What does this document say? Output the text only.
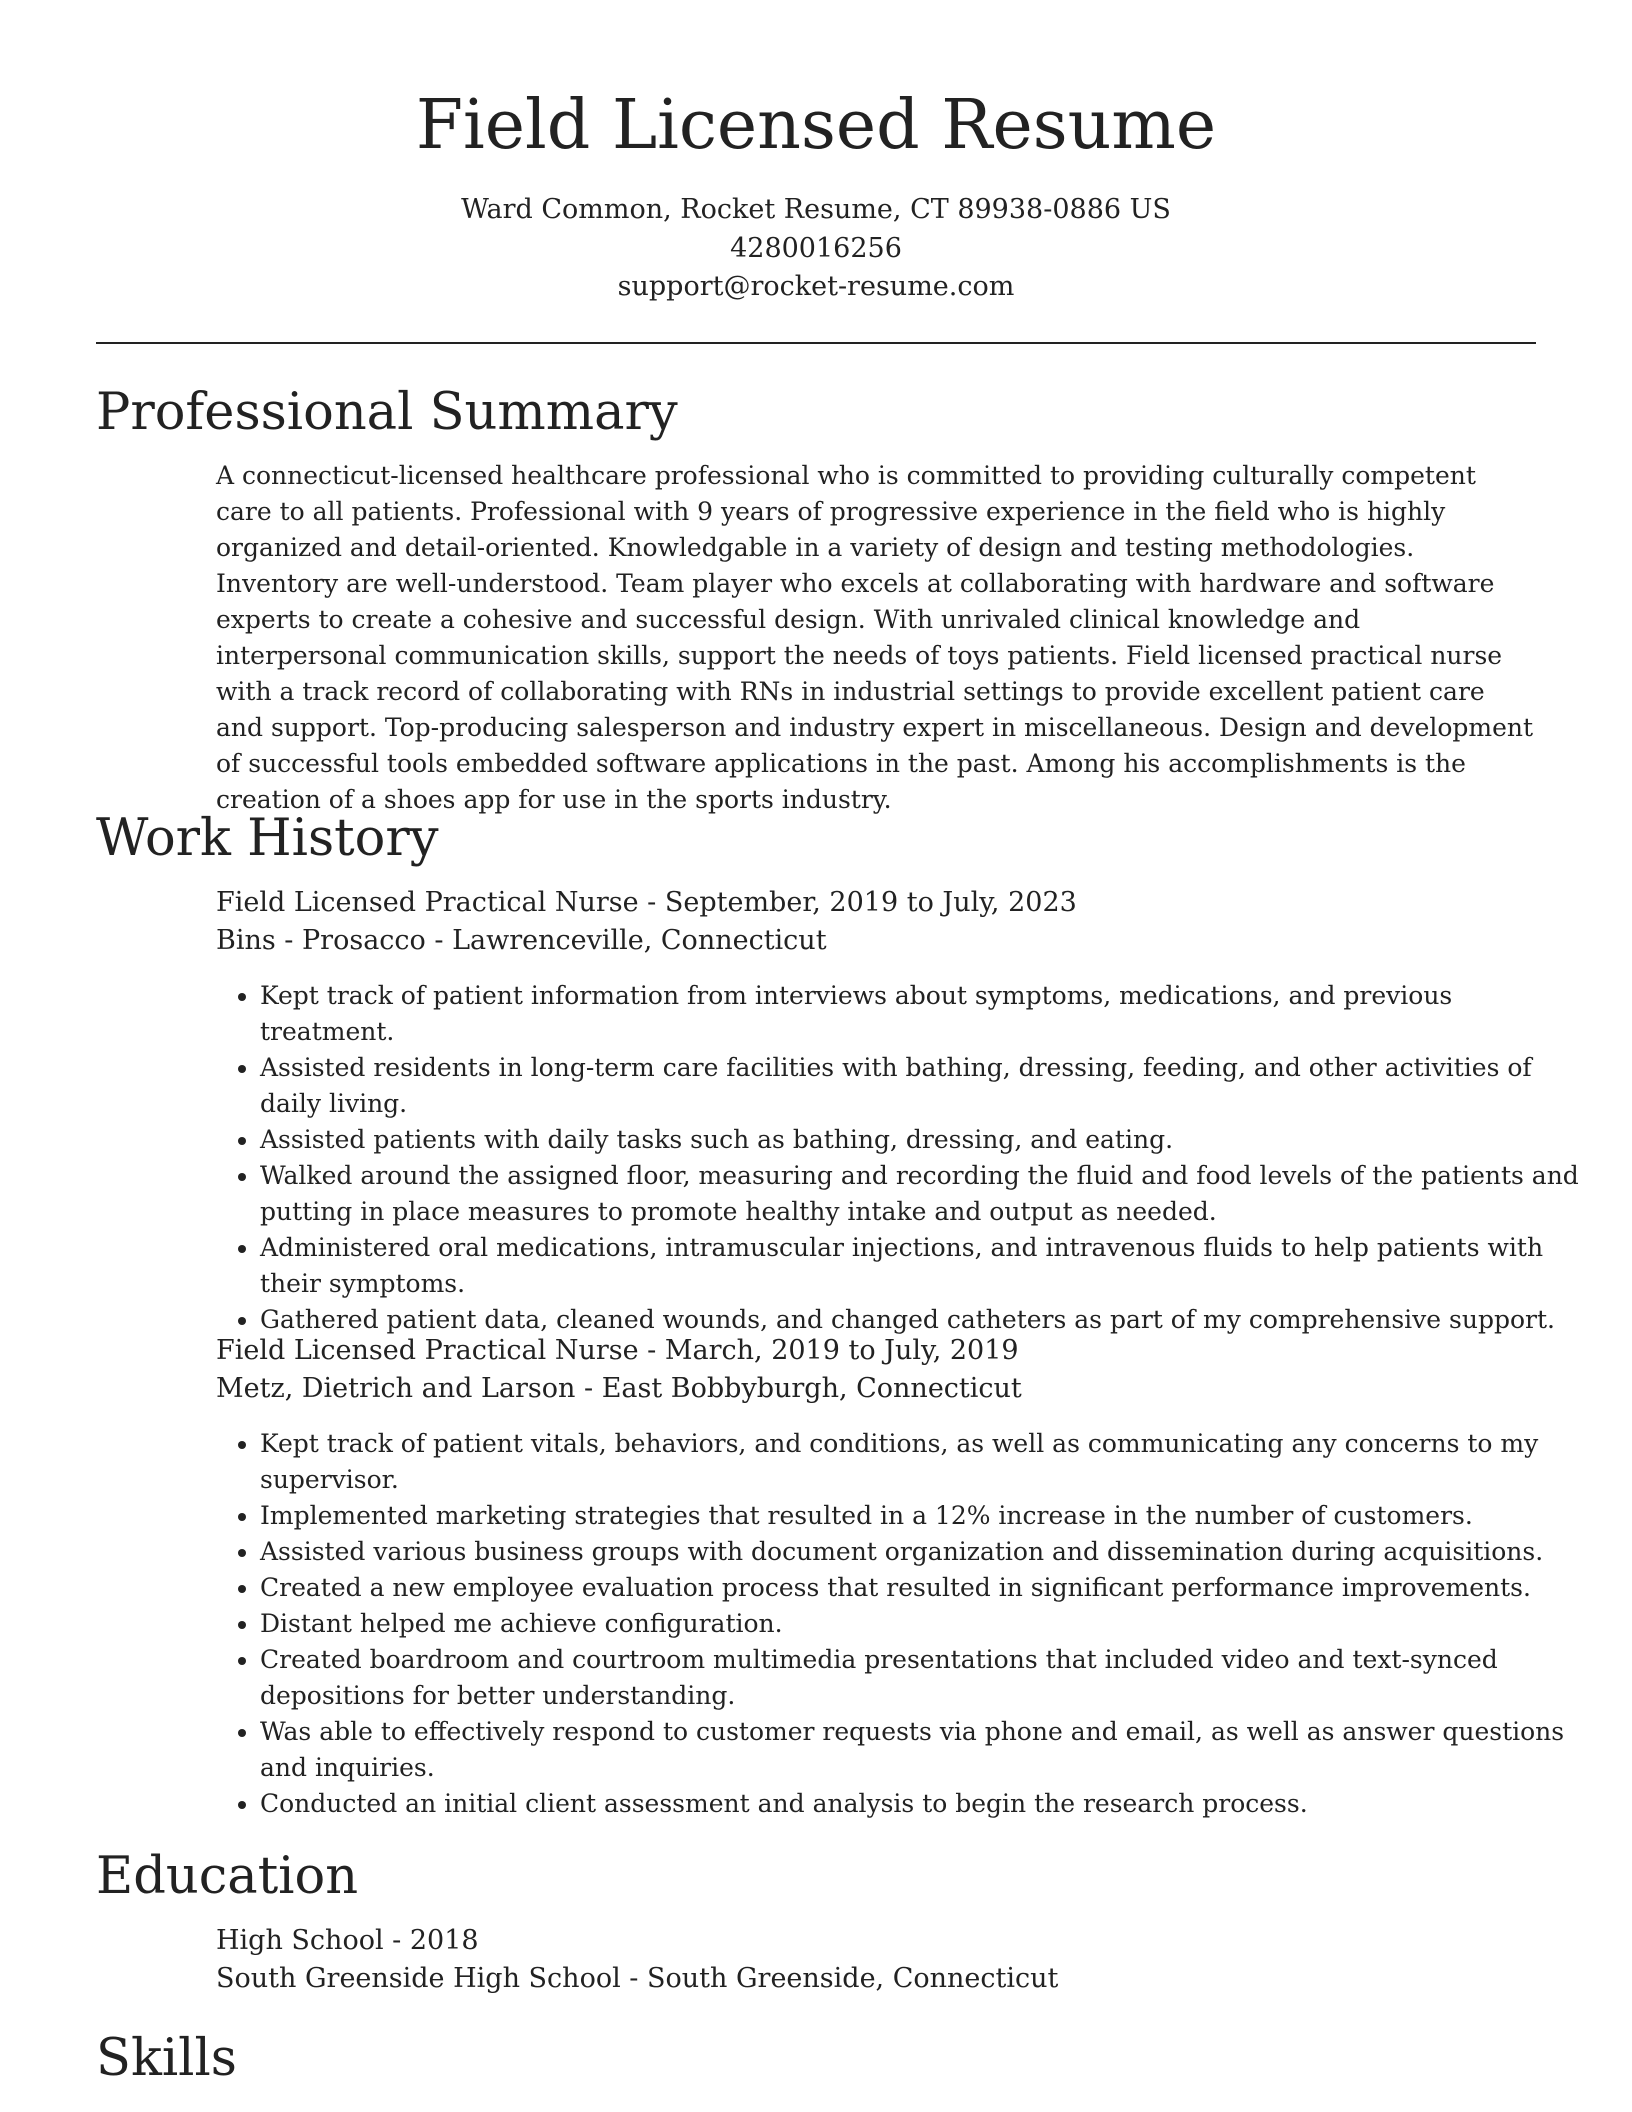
Field Licensed Resume
Ward Common, Rocket Resume, CT 89938-0886 US
4280016256
support@rocket-resume.com
Professional Summary

A connecticut-licensed healthcare professional who is committed to providing culturally competent care to all patients. Professional with 9 years of progressive experience in the field who is highly organized and detail-oriented. Knowledgable in a variety of design and testing methodologies. Inventory are well-understood. Team player who excels at collaborating with hardware and software experts to create a cohesive and successful design. With unrivaled clinical knowledge and interpersonal communication skills, support the needs of toys patients. Field licensed practical nurse with a track record of collaborating with RNs in industrial settings to provide excellent patient care and support. Top-producing salesperson and industry expert in miscellaneous. Design and development of successful tools embedded software applications in the past. Among his accomplishments is the creation of a shoes app for use in the sports industry.

Work History
Field Licensed Practical Nurse - September, 2019 to July, 2023
Bins - Prosacco - Lawrenceville, Connecticut
• Kept track of patient information from interviews about symptoms, medications, and previous treatment.
• Assisted residents in long-term care facilities with bathing, dressing, feeding, and other activities of daily living.
• Assisted patients with daily tasks such as bathing, dressing, and eating.
• Walked around the assigned floor, measuring and recording the fluid and food levels of the patients and putting in place measures to promote healthy intake and output as needed.
• Administered oral medications, intramuscular injections, and intravenous fluids to help patients with their symptoms.
• Gathered patient data, cleaned wounds, and changed catheters as part of my comprehensive support.
Field Licensed Practical Nurse - March, 2019 to July, 2019
Metz, Dietrich and Larson - East Bobbyburgh, Connecticut
• Kept track of patient vitals, behaviors, and conditions, as well as communicating any concerns to my supervisor.
• Implemented marketing strategies that resulted in a 12% increase in the number of customers.
• Assisted various business groups with document organization and dissemination during acquisitions.
• Created a new employee evaluation process that resulted in significant performance improvements.
• Distant helped me achieve configuration.
• Created boardroom and courtroom multimedia presentations that included video and text-synced depositions for better understanding.
• Was able to effectively respond to customer requests via phone and email, as well as answer questions and inquiries.
• Conducted an initial client assessment and analysis to begin the research process.
Education
High School - 2018
South Greenside High School - South Greenside, Connecticut
Skills
